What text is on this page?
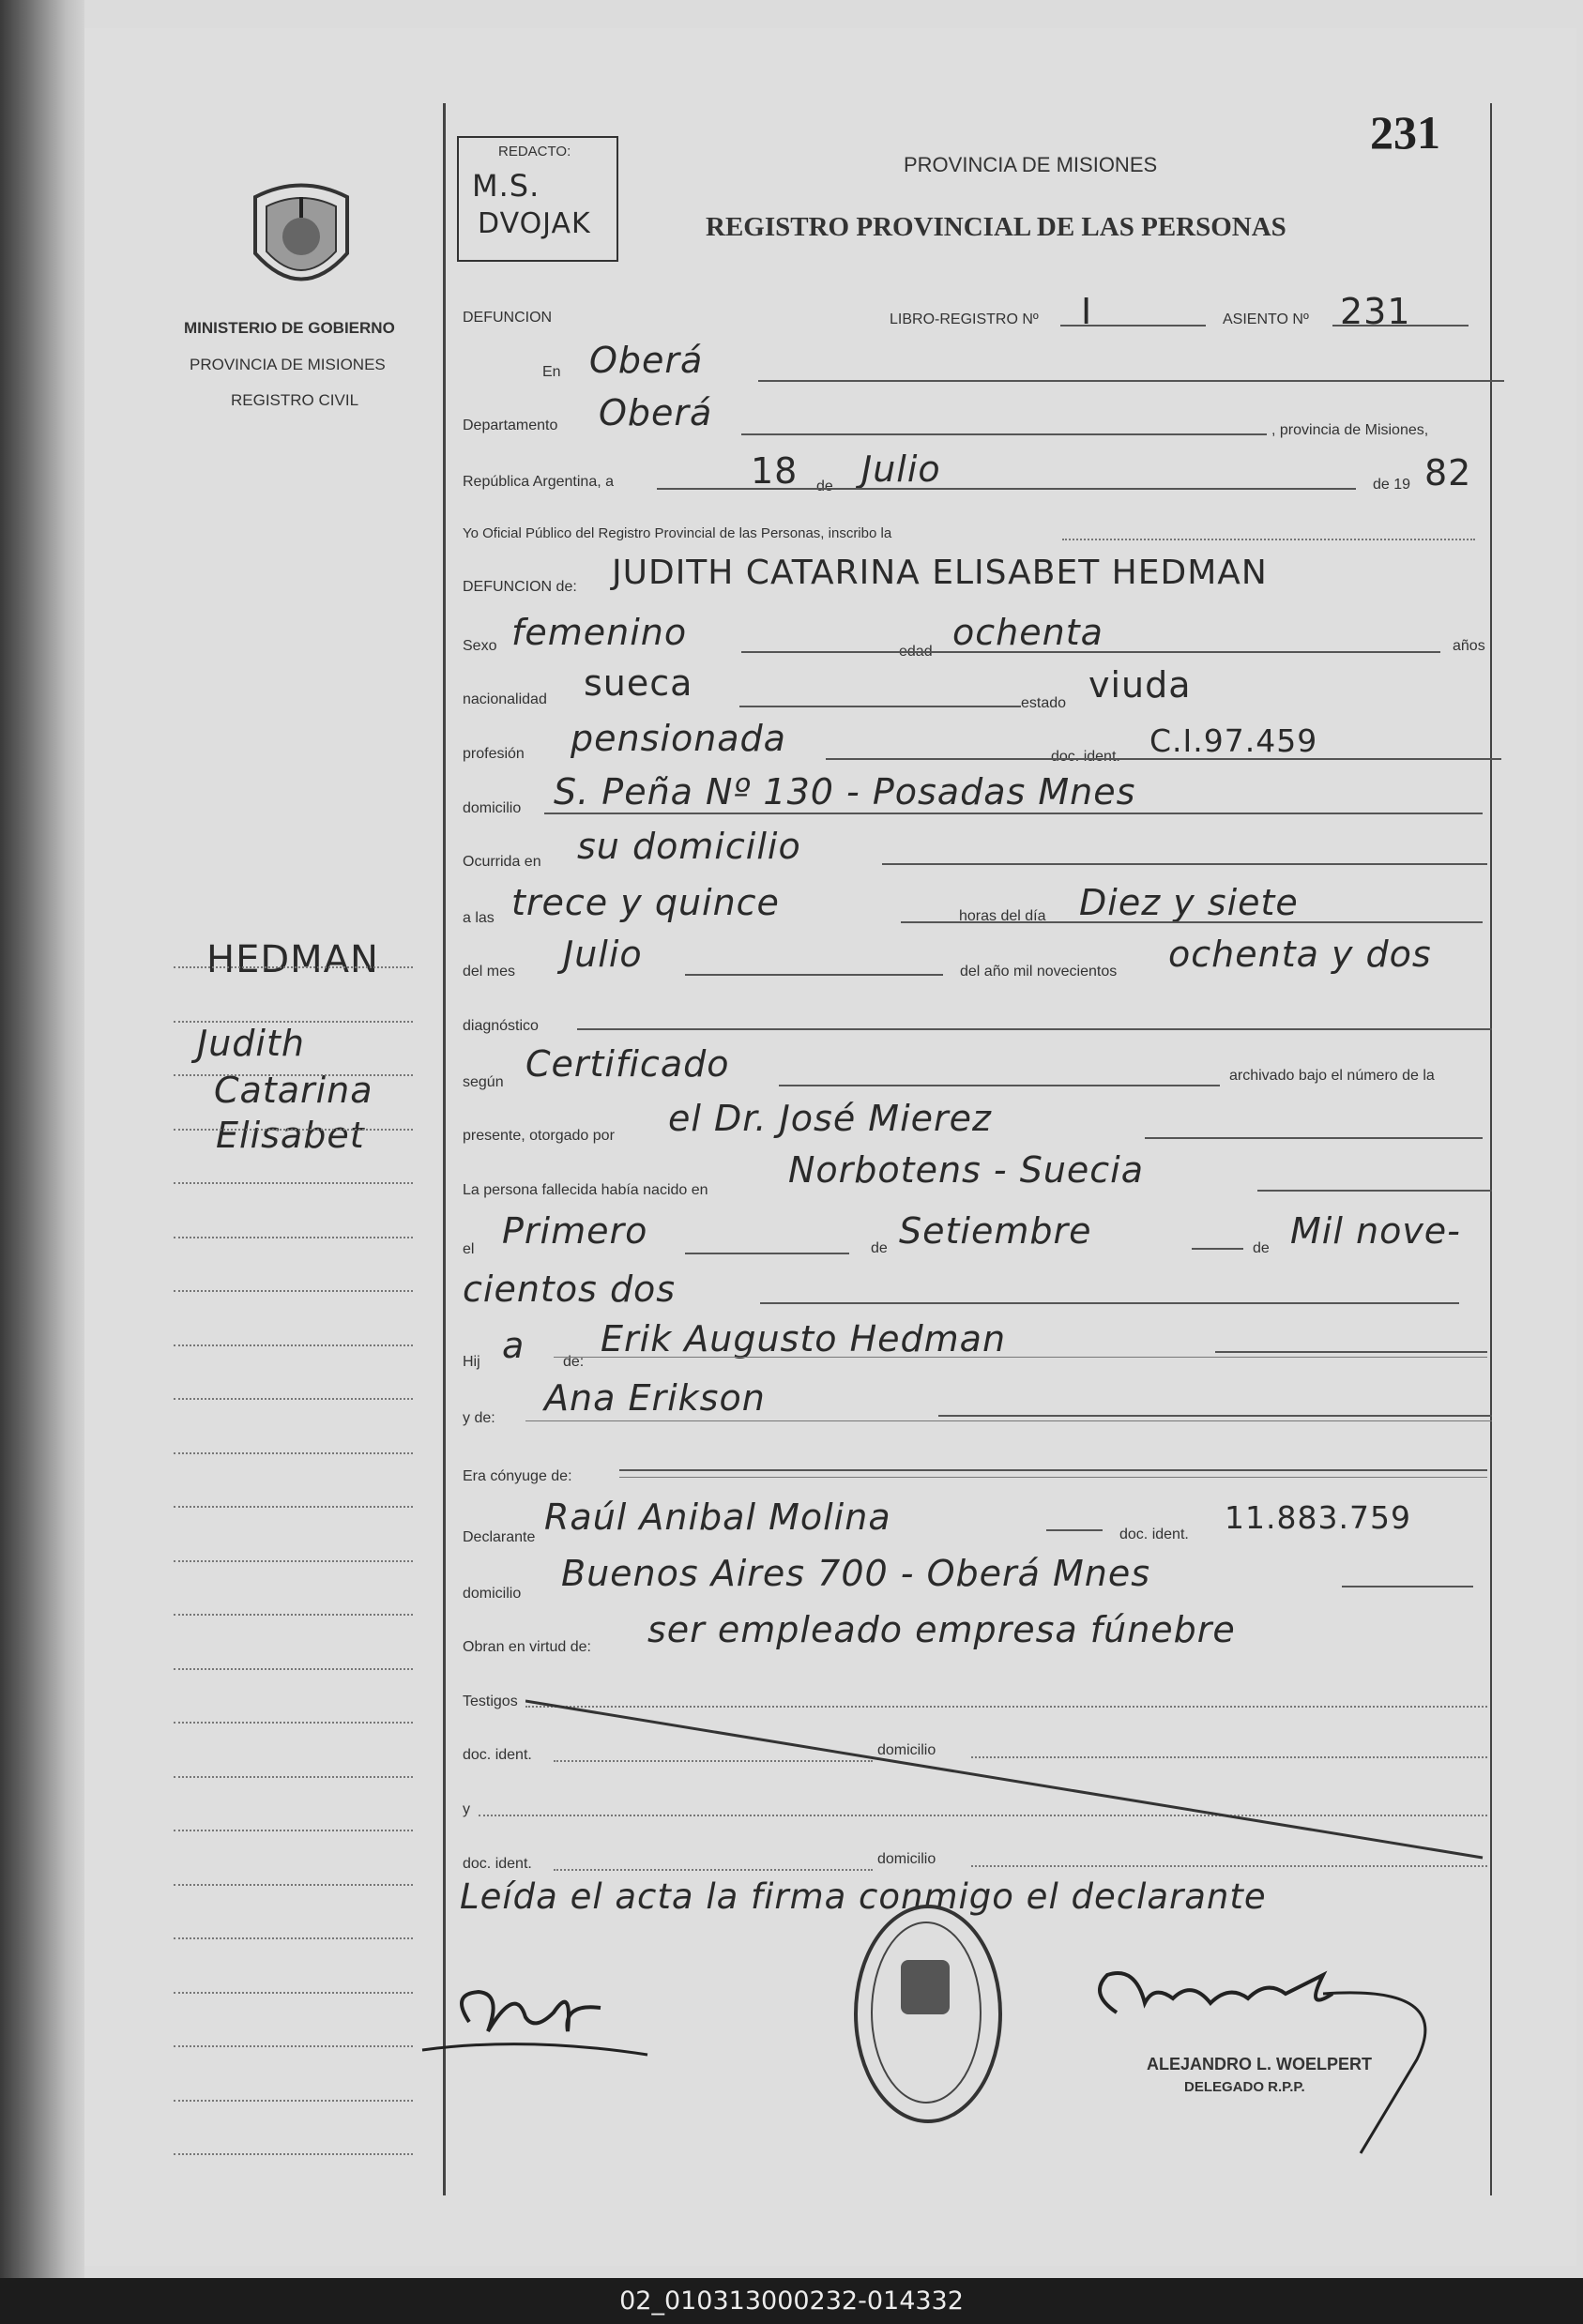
MINISTERIO DE GOBIERNO
PROVINCIA DE MISIONES
REGISTRO CIVIL
HEDMAN
Judith
Catarina
Elisabet
REDACTO:
M.S.
DVOJAK
PROVINCIA DE MISIONES
REGISTRO PROVINCIAL DE LAS PERSONAS
231
DEFUNCION	LIBRO-REGISTRO Nº I	ASIENTO Nº 231
En Oberá
Departamento Oberá	, provincia de Misiones,
República Argentina, a	18 de Julio	de 19 82
Yo Oficial Público del Registro Provincial de las Personas, inscribo la
DEFUNCION de: JUDITH CATARINA ELISABET HEDMAN
Sexo femenino	edad ochenta	años
nacionalidad sueca	estado viuda
profesión pensionada	doc. ident. C.I.97.459
domicilio S. Peña Nº 130 - Posadas Mnes
Ocurrida en su domicilio
a las trece y quince	horas del día Diez y siete
del mes Julio	del año mil novecientos ochenta y dos
diagnóstico
según Certificado	archivado bajo el número de la
presente, otorgado por el Dr. José Mierez
La persona fallecida había nacido en Norbotens - Suecia
el Primero	de Setiembre	de Mil nove-
cientos dos
Hij a	de:
Erik Augusto Hedman
y de: Ana Erikson
Era cónyuge de:
Declarante Raúl Anibal Molina	doc. ident. 11.883.759
domicilio Buenos Aires 700 - Oberá Mnes
Obran en virtud de: ser empleado empresa fúnebre
Testigos
doc. ident.	domicilio
y
doc. ident.	domicilio
Leída el acta la firma conmigo el declarante
ALEJANDRO L. WOELPERT
DELEGADO R.P.P.
02_010313000232-014332
